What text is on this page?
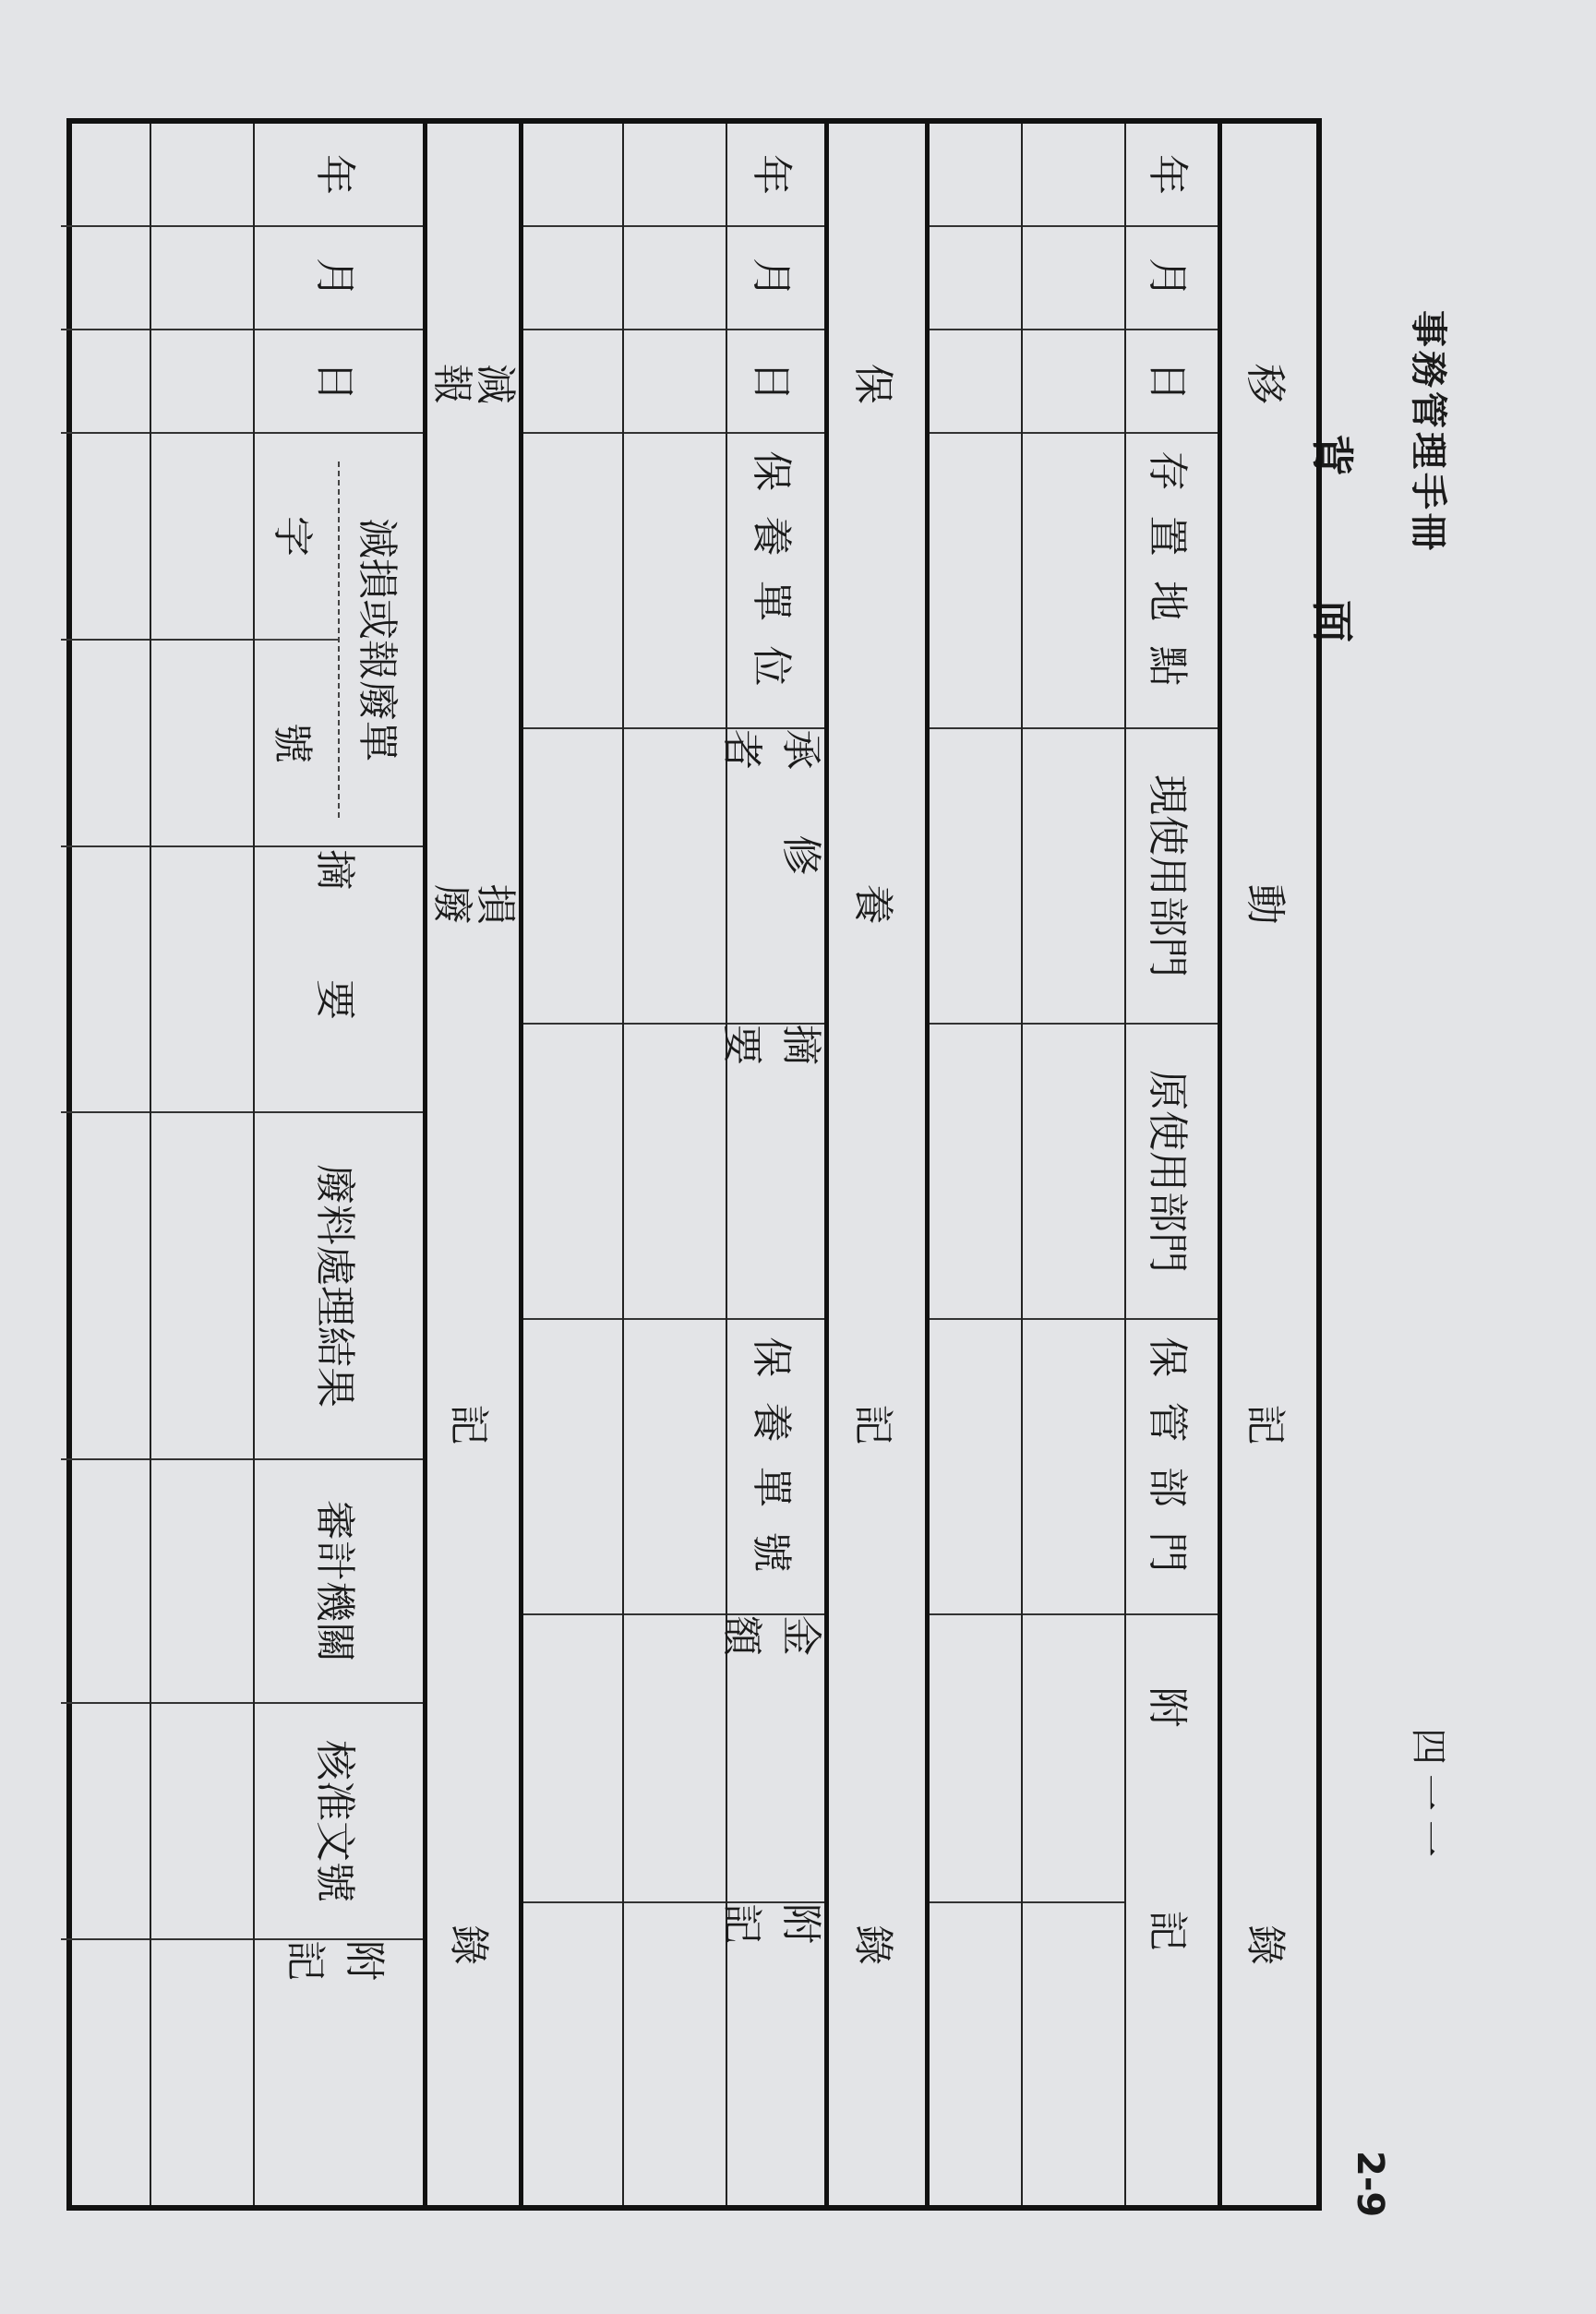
事務管理手冊
四一一
2-9
背
面
移
動
記
錄
年
月
日
存置地點
現使用部門
原使用部門
保管部門
附記
保
養
記
錄
年
月
日
保養單位
承修者
摘要
保養單號
金額
附記
減
報
損
廢
記
錄
年
月
日
減損或報廢單
字
號
摘要
廢料處理結果
審計機關
核准文號
附記
